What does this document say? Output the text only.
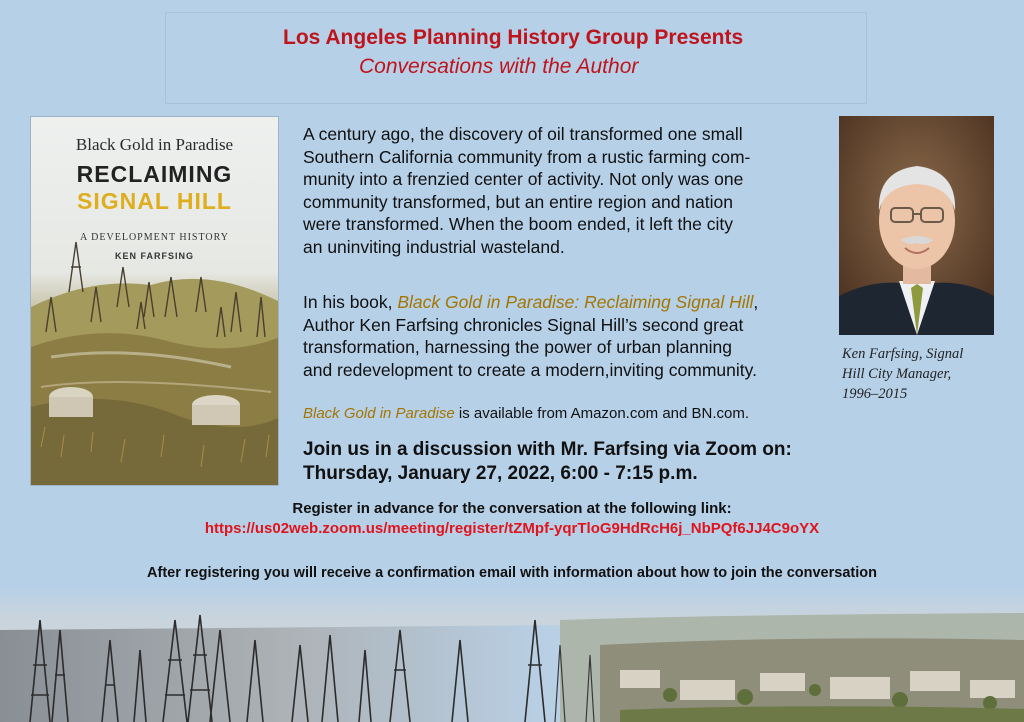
Los Angeles Planning History Group Presents
Conversations with the Author
Black Gold in Paradise
RECLAIMING
SIGNAL HILL
A DEVELOPMENT HISTORY
KEN FARFSING
A century ago, the discovery of oil transformed one small
Southern California community from a rustic farming com-
munity into a frenzied center of activity. Not only was one
community transformed, but an entire region and nation
were transformed. When the boom ended, it left the city
an uninviting industrial wasteland.
In his book, Black Gold in Paradise: Reclaiming Signal Hill,
Author Ken Farfsing chronicles Signal Hill’s second great
transformation, harnessing the power of urban planning
and redevelopment to create a modern,inviting community.
Black Gold in Paradise is available from Amazon.com and BN.com.
Join us in a discussion with Mr. Farfsing via Zoom on:
Thursday, January 27, 2022, 6:00 - 7:15 p.m.
Ken Farfsing, Signal
Hill City Manager,
1996–2015
Register in advance for the conversation at the following link:
https://us02web.zoom.us/meeting/register/tZMpf-yqrTloG9HdRcH6j_NbPQf6JJ4C9oYX
After registering you will receive a confirmation email with information about how to join the conversation
